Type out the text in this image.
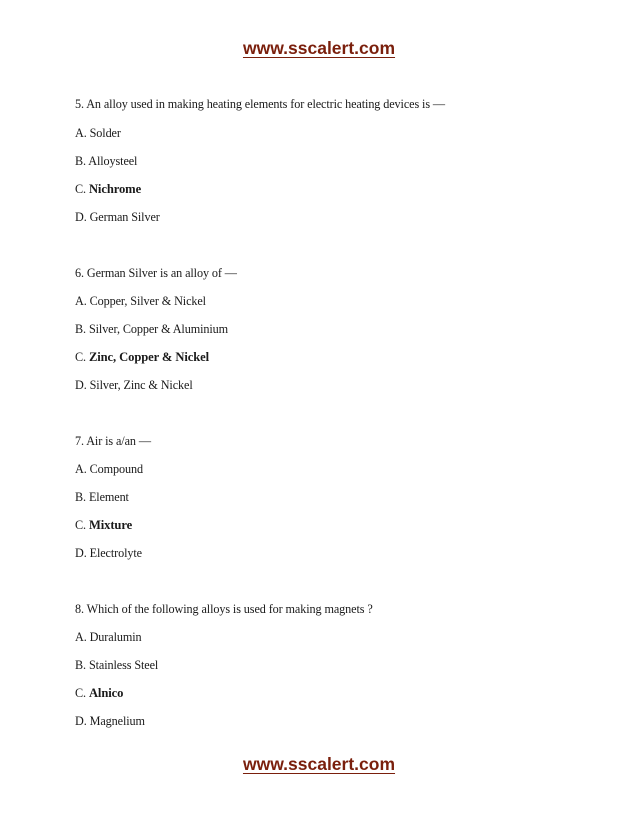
www.sscalert.com
5. An alloy used in making heating elements for electric heating devices is —
A. Solder
B. Alloysteel
C. Nichrome
D. German Silver
6. German Silver is an alloy of —
A. Copper, Silver & Nickel
B. Silver, Copper & Aluminium
C. Zinc, Copper & Nickel
D. Silver, Zinc & Nickel
7. Air is a/an —
A. Compound
B. Element
C. Mixture
D. Electrolyte
8. Which of the following alloys is used for making magnets ?
A. Duralumin
B. Stainless Steel
C. Alnico
D. Magnelium
www.sscalert.com
